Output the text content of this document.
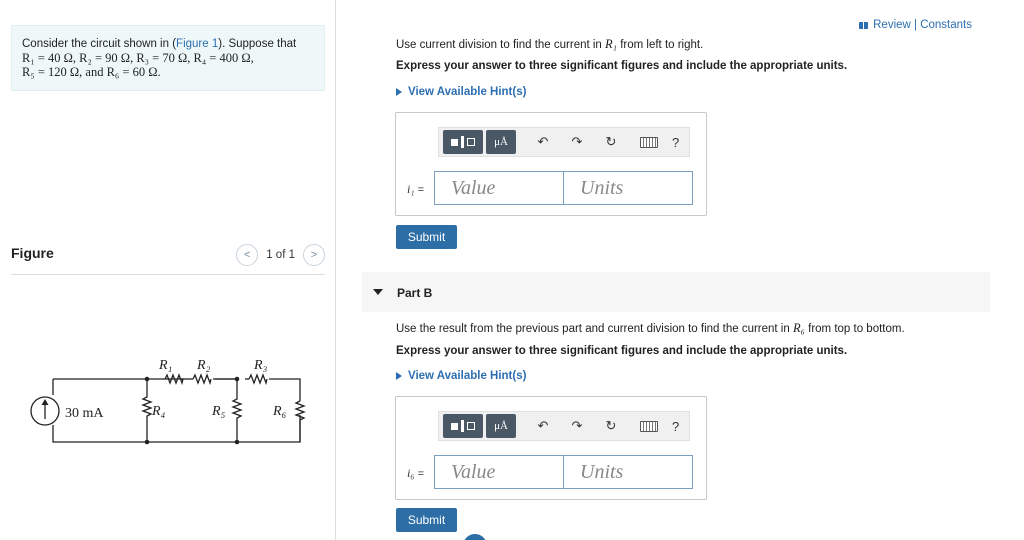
Consider the circuit shown in (Figure 1). Suppose that
R₁ = 40 Ω, R₂ = 90 Ω, R₃ = 70 Ω, R₄ = 400 Ω,
R₅ = 120 Ω, and R₆ = 60 Ω.
Figure	<	1 of 1	>
30 mA
R₁ R₂	R₃
R₄	R₅	R₆
Review | Constants
Use current division to find the current in R₁ from left to right.
Express your answer to three significant figures and include the appropriate units.
View Available Hint(s)
μÅ	↶	↷	↻	?
i₁ =	Value	Units
Submit
Part B
Use the result from the previous part and current division to find the current in R₆ from top to bottom.
Express your answer to three significant figures and include the appropriate units.
View Available Hint(s)
μÅ	↶	↷	↻	?
i₆ =	Value	Units
Submit
